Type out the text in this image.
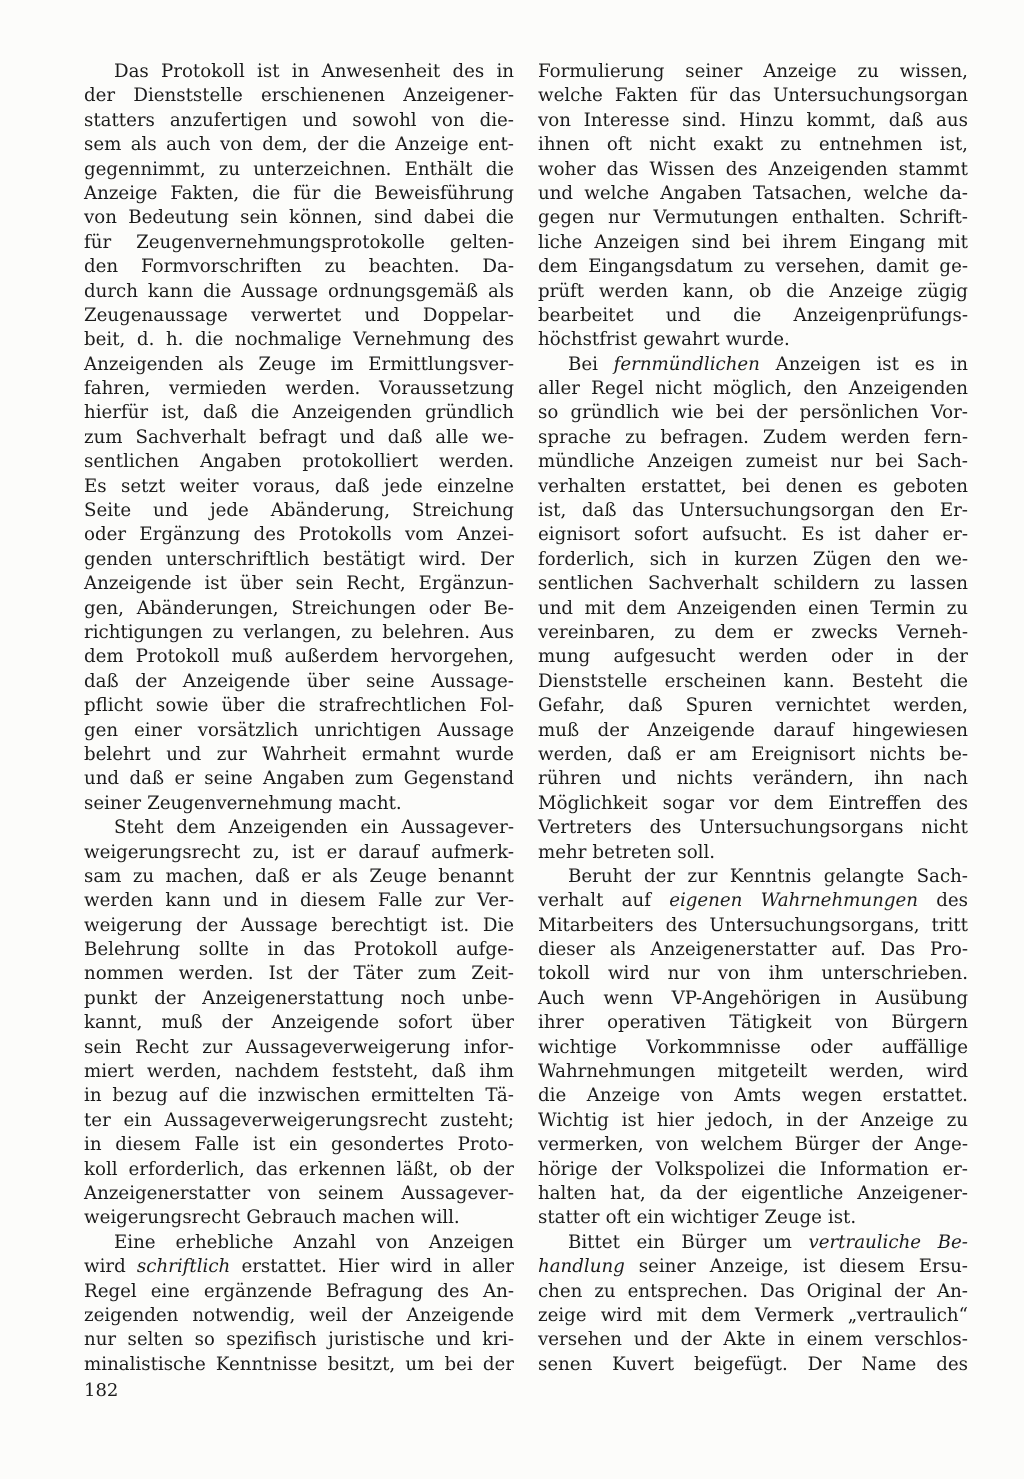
Das Protokoll ist in Anwesenheit des in
der Dienststelle erschienenen Anzeigener-
statters anzufertigen und sowohl von die-
sem als auch von dem, der die Anzeige ent-
gegennimmt, zu unterzeichnen. Enthält die
Anzeige Fakten, die für die Beweisführung
von Bedeutung sein können, sind dabei die
für Zeugenvernehmungsprotokolle gelten-
den Formvorschriften zu beachten. Da-
durch kann die Aussage ordnungsgemäß als
Zeugenaussage verwertet und Doppelar-
beit, d. h. die nochmalige Vernehmung des
Anzeigenden als Zeuge im Ermittlungsver-
fahren, vermieden werden. Voraussetzung
hierfür ist, daß die Anzeigenden gründlich
zum Sachverhalt befragt und daß alle we-
sentlichen Angaben protokolliert werden.
Es setzt weiter voraus, daß jede einzelne
Seite und jede Abänderung, Streichung
oder Ergänzung des Protokolls vom Anzei-
genden unterschriftlich bestätigt wird. Der
Anzeigende ist über sein Recht, Ergänzun-
gen, Abänderungen, Streichungen oder Be-
richtigungen zu verlangen, zu belehren. Aus
dem Protokoll muß außerdem hervorgehen,
daß der Anzeigende über seine Aussage-
pflicht sowie über die strafrechtlichen Fol-
gen einer vorsätzlich unrichtigen Aussage
belehrt und zur Wahrheit ermahnt wurde
und daß er seine Angaben zum Gegenstand
seiner Zeugenvernehmung macht.
Steht dem Anzeigenden ein Aussagever-
weigerungsrecht zu, ist er darauf aufmerk-
sam zu machen, daß er als Zeuge benannt
werden kann und in diesem Falle zur Ver-
weigerung der Aussage berechtigt ist. Die
Belehrung sollte in das Protokoll aufge-
nommen werden. Ist der Täter zum Zeit-
punkt der Anzeigenerstattung noch unbe-
kannt, muß der Anzeigende sofort über
sein Recht zur Aussageverweigerung infor-
miert werden, nachdem feststeht, daß ihm
in bezug auf die inzwischen ermittelten Tä-
ter ein Aussageverweigerungsrecht zusteht;
in diesem Falle ist ein gesondertes Proto-
koll erforderlich, das erkennen läßt, ob der
Anzeigenerstatter von seinem Aussagever-
weigerungsrecht Gebrauch machen will.
Eine erhebliche Anzahl von Anzeigen
wird schriftlich erstattet. Hier wird in aller
Regel eine ergänzende Befragung des An-
zeigenden notwendig, weil der Anzeigende
nur selten so spezifisch juristische und kri-
minalistische Kenntnisse besitzt, um bei der
Formulierung seiner Anzeige zu wissen,
welche Fakten für das Untersuchungsorgan
von Interesse sind. Hinzu kommt, daß aus
ihnen oft nicht exakt zu entnehmen ist,
woher das Wissen des Anzeigenden stammt
und welche Angaben Tatsachen, welche da-
gegen nur Vermutungen enthalten. Schrift-
liche Anzeigen sind bei ihrem Eingang mit
dem Eingangsdatum zu versehen, damit ge-
prüft werden kann, ob die Anzeige zügig
bearbeitet und die Anzeigenprüfungs-
höchstfrist gewahrt wurde.
Bei fernmündlichen Anzeigen ist es in
aller Regel nicht möglich, den Anzeigenden
so gründlich wie bei der persönlichen Vor-
sprache zu befragen. Zudem werden fern-
mündliche Anzeigen zumeist nur bei Sach-
verhalten erstattet, bei denen es geboten
ist, daß das Untersuchungsorgan den Er-
eignisort sofort aufsucht. Es ist daher er-
forderlich, sich in kurzen Zügen den we-
sentlichen Sachverhalt schildern zu lassen
und mit dem Anzeigenden einen Termin zu
vereinbaren, zu dem er zwecks Verneh-
mung aufgesucht werden oder in der
Dienststelle erscheinen kann. Besteht die
Gefahr, daß Spuren vernichtet werden,
muß der Anzeigende darauf hingewiesen
werden, daß er am Ereignisort nichts be-
rühren und nichts verändern, ihn nach
Möglichkeit sogar vor dem Eintreffen des
Vertreters des Untersuchungsorgans nicht
mehr betreten soll.
Beruht der zur Kenntnis gelangte Sach-
verhalt auf eigenen Wahrnehmungen des
Mitarbeiters des Untersuchungsorgans, tritt
dieser als Anzeigenerstatter auf. Das Pro-
tokoll wird nur von ihm unterschrieben.
Auch wenn VP-Angehörigen in Ausübung
ihrer operativen Tätigkeit von Bürgern
wichtige Vorkommnisse oder auffällige
Wahrnehmungen mitgeteilt werden, wird
die Anzeige von Amts wegen erstattet.
Wichtig ist hier jedoch, in der Anzeige zu
vermerken, von welchem Bürger der Ange-
hörige der Volkspolizei die Information er-
halten hat, da der eigentliche Anzeigener-
statter oft ein wichtiger Zeuge ist.
Bittet ein Bürger um vertrauliche Be-
handlung seiner Anzeige, ist diesem Ersu-
chen zu entsprechen. Das Original der An-
zeige wird mit dem Vermerk „vertraulich“
versehen und der Akte in einem verschlos-
senen Kuvert beigefügt. Der Name des
182
